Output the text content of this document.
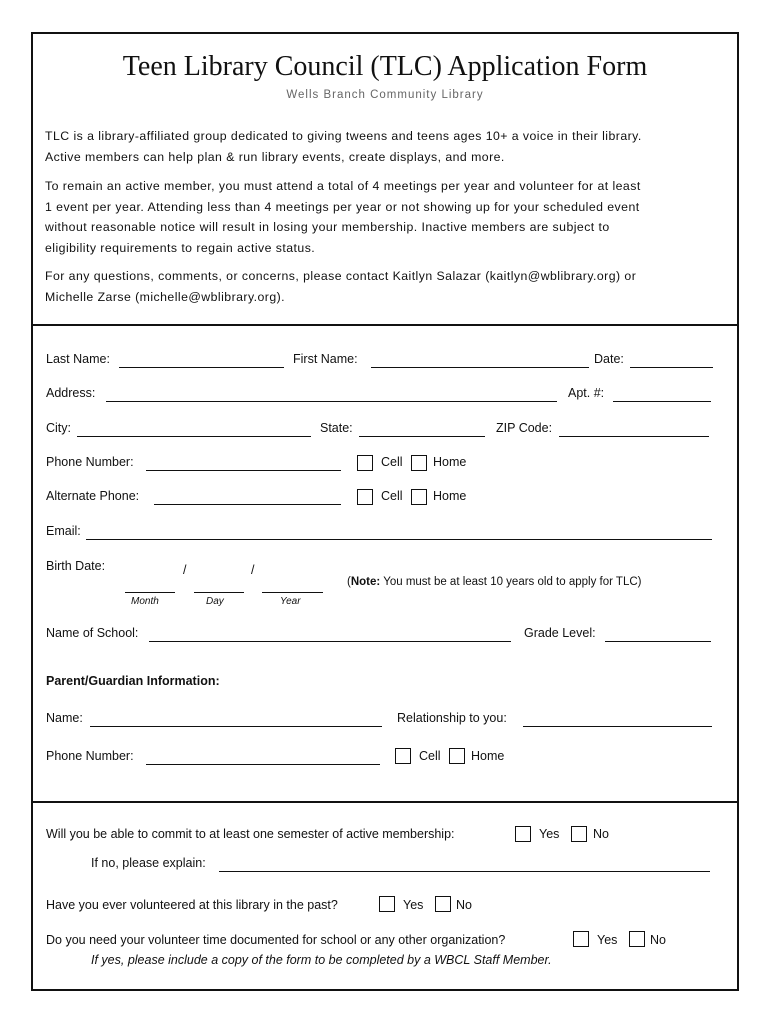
Teen Library Council (TLC) Application Form
Wells Branch Community Library
TLC is a library-affiliated group dedicated to giving tweens and teens ages 10+ a voice in their library.
Active members can help plan & run library events, create displays, and more.
To remain an active member, you must attend a total of 4 meetings per year and volunteer for at least
1 event per year. Attending less than 4 meetings per year or not showing up for your scheduled event
without reasonable notice will result in losing your membership. Inactive members are subject to
eligibility requirements to regain active status.
For any questions, comments, or concerns, please contact Kaitlyn Salazar (kaitlyn@wblibrary.org) or
Michelle Zarse (michelle@wblibrary.org).
Last Name:	First Name:	Date:
Address:	Apt. #:
City:	State:	ZIP Code:
Phone Number:	Cell Home
Alternate Phone:	Cell Home
Email:
Birth Date:	/	/
Month	Day	Year
(Note: You must be at least 10 years old to apply for TLC)
Name of School:	Grade Level:
Parent/Guardian Information:
Name:	Relationship to you:
Phone Number:	Cell Home
Will you be able to commit to at least one semester of active membership:	Yes	No
If no, please explain:
Have you ever volunteered at this library in the past?	Yes	No
Do you need your volunteer time documented for school or any other organization?	Yes	No
If yes, please include a copy of the form to be completed by a WBCL Staff Member.
